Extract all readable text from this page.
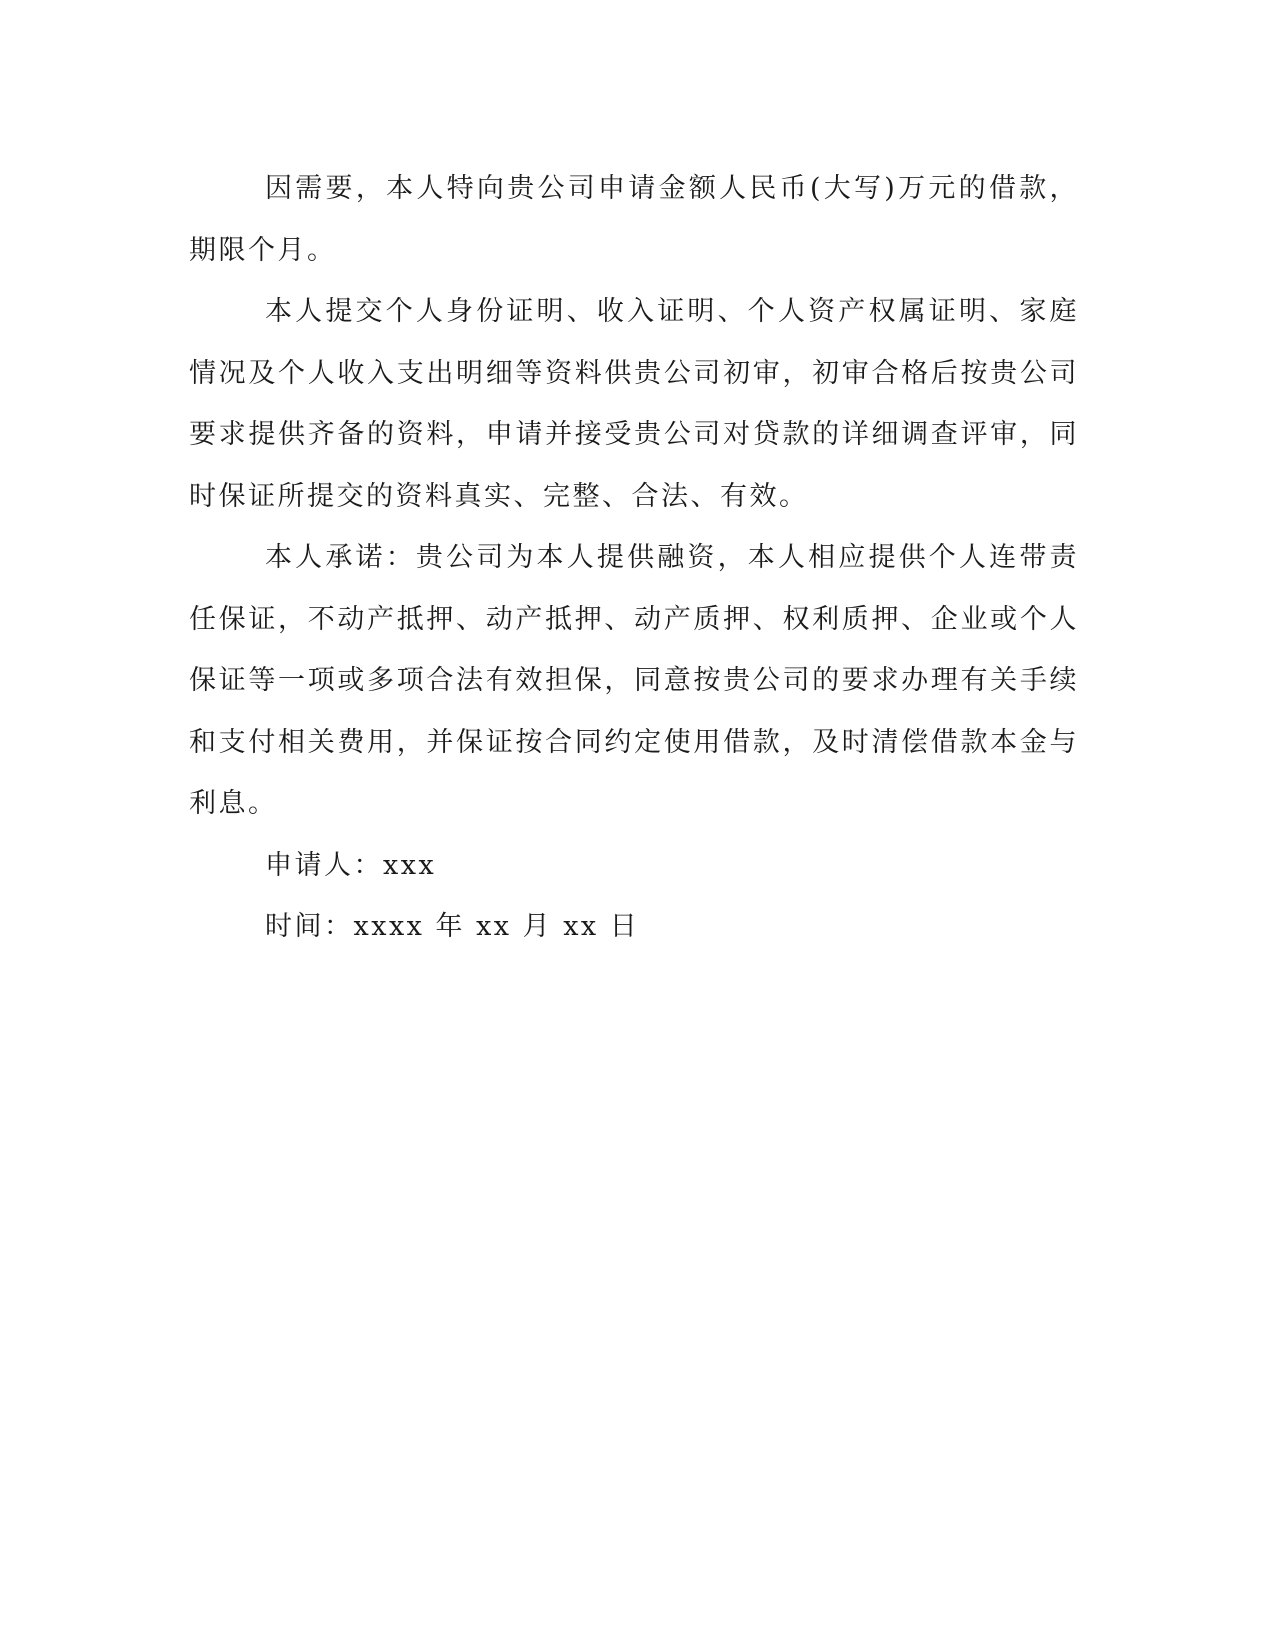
因需要，本人特向贵公司申请金额人民币(大写)万元的借款，期限个月。

本人提交个人身份证明、收入证明、个人资产权属证明、家庭情况及个人收入支出明细等资料供贵公司初审，初审合格后按贵公司要求提供齐备的资料，申请并接受贵公司对贷款的详细调查评审，同时保证所提交的资料真实、完整、合法、有效。

本人承诺：贵公司为本人提供融资，本人相应提供个人连带责任保证，不动产抵押、动产抵押、动产质押、权利质押、企业或个人保证等一项或多项合法有效担保，同意按贵公司的要求办理有关手续和支付相关费用，并保证按合同约定使用借款，及时清偿借款本金与利息。

申请人：xxx

时间：xxxx 年 xx 月 xx 日
